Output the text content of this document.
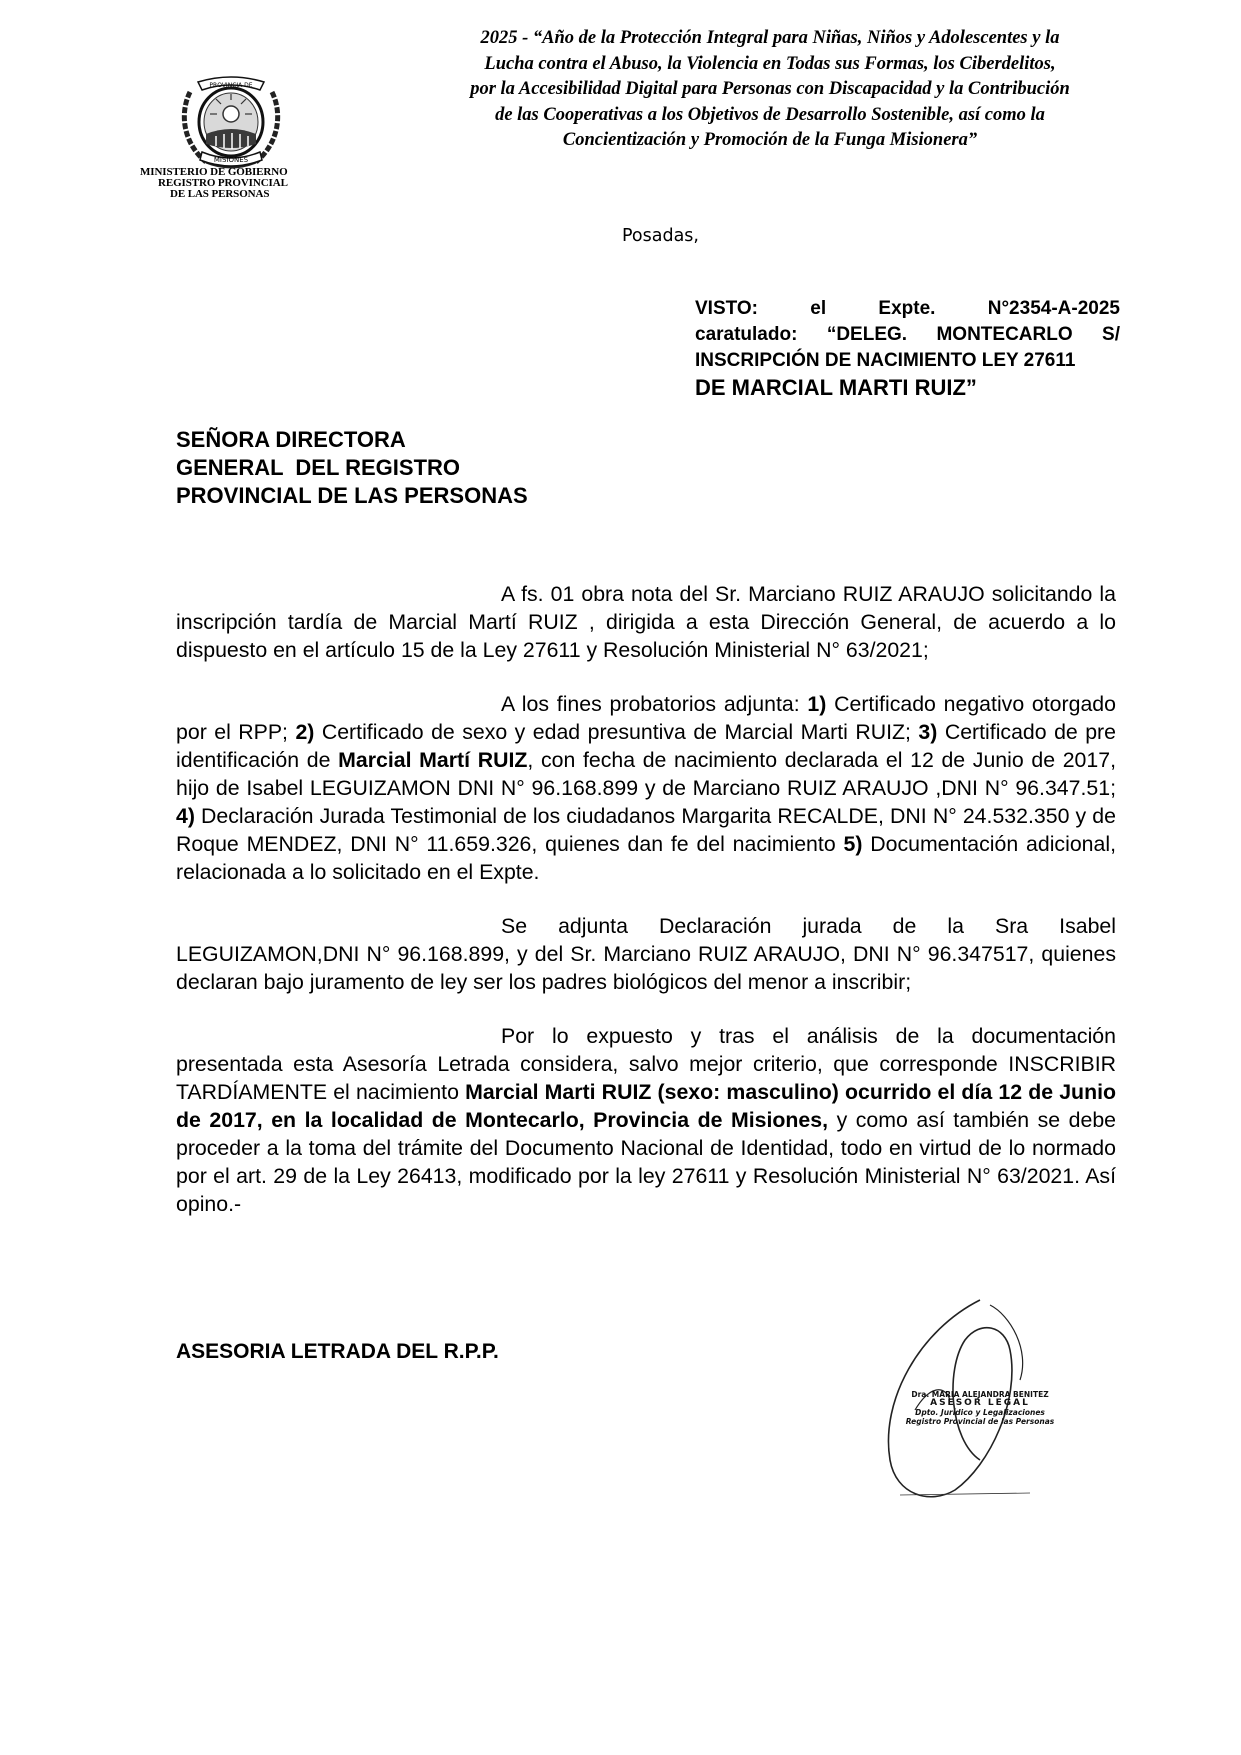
PROVINCIA DE
MISIONES
MINISTERIO DE GOBIERNO
REGISTRO PROVINCIAL
DE LAS PERSONAS
2025 - “Año de la Protección Integral para Niñas, Niños y Adolescentes y la
Lucha contra el Abuso, la Violencia en Todas sus Formas, los Ciberdelitos,
por la Accesibilidad Digital para Personas con Discapacidad y la Contribución
de las Cooperativas a los Objetivos de Desarrollo Sostenible, así como la
Concientización y Promoción de la Funga Misionera”
Posadas,
VISTO:	el	Expte.	N°2354-A-2025
caratulado: “DELEG. MONTECARLO S/
INSCRIPCIÓN DE NACIMIENTO LEY 27611
DE MARCIAL MARTI RUIZ”
SEÑORA DIRECTORA
GENERAL  DEL REGISTRO
PROVINCIAL DE LAS PERSONAS

A fs. 01 obra nota del Sr. Marciano RUIZ ARAUJO solicitando la inscripción tardía de Marcial Martí RUIZ , dirigida a esta Dirección General, de acuerdo a lo dispuesto en el artículo 15 de la Ley 27611 y Resolución Ministerial N° 63/2021;

A los fines probatorios adjunta: 1) Certificado negativo otorgado por el RPP; 2) Certificado de sexo y edad presuntiva de Marcial Marti RUIZ; 3) Certificado de pre identificación de Marcial Martí RUIZ, con fecha de nacimiento declarada el 12 de Junio de 2017, hijo de Isabel LEGUIZAMON DNI N° 96.168.899 y de Marciano RUIZ ARAUJO ,DNI N° 96.347.51; 4) Declaración Jurada Testimonial de los ciudadanos Margarita RECALDE, DNI N° 24.532.350 y de Roque MENDEZ, DNI N° 11.659.326, quienes dan fe del nacimiento 5) Documentación adicional, relacionada a lo solicitado en el Expte.

Se adjunta Declaración jurada de la Sra Isabel LEGUIZAMON,DNI N° 96.168.899, y del Sr. Marciano RUIZ ARAUJO, DNI N° 96.347517, quienes declaran bajo juramento de ley ser los padres biológicos del menor a inscribir;

Por lo expuesto y tras el análisis de la documentación presentada esta Asesoría Letrada considera, salvo mejor criterio, que corresponde INSCRIBIR TARDÍAMENTE el nacimiento Marcial Marti RUIZ (sexo: masculino) ocurrido el día 12 de Junio de 2017, en la localidad de Montecarlo, Provincia de Misiones, y como así también se debe proceder a la toma del trámite del Documento Nacional de Identidad, todo en virtud de lo normado por el art. 29 de la Ley 26413, modificado por la ley 27611 y Resolución Ministerial N° 63/2021. Así opino.-

ASESORIA LETRADA DEL R.P.P.
Dra. MARIA ALEJANDRA BENITEZ
ASESOR LEGAL
Dpto. Jurídico y Legalizaciones
Registro Provincial de las Personas
